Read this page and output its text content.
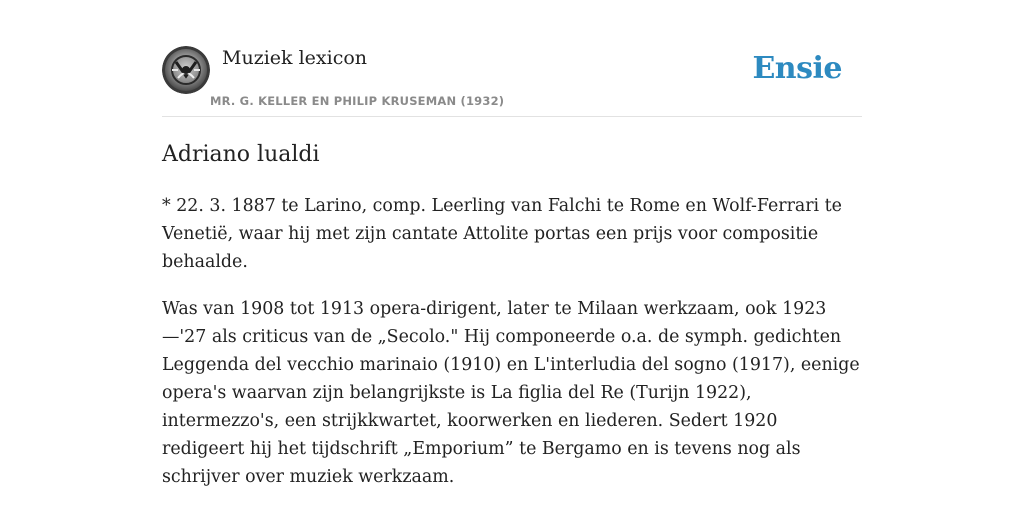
Muziek lexicon
MR. G. KELLER EN PHILIP KRUSEMAN (1932)
Ensie
Adriano lualdi

* 22. 3. 1887 te Larino, comp. Leerling van Falchi te Rome en Wolf-Ferrari te Venetië, waar hij met zijn cantate Attolite portas een prijs voor compositie behaalde.

Was van 1908 tot 1913 opera-dirigent, later te Milaan werkzaam, ook 1923—'27 als criticus van de „Secolo." Hij componeerde o.a. de symph. gedichten Leggenda del vecchio marinaio (1910) en L'interludia del sogno (1917), eenige opera's waarvan zijn belangrijkste is La figlia del Re (Turijn 1922), intermezzo's, een strijkkwartet, koorwerken en liederen. Sedert 1920 redigeert hij het tijdschrift „Emporium” te Bergamo en is tevens nog als schrijver over muziek werkzaam.
